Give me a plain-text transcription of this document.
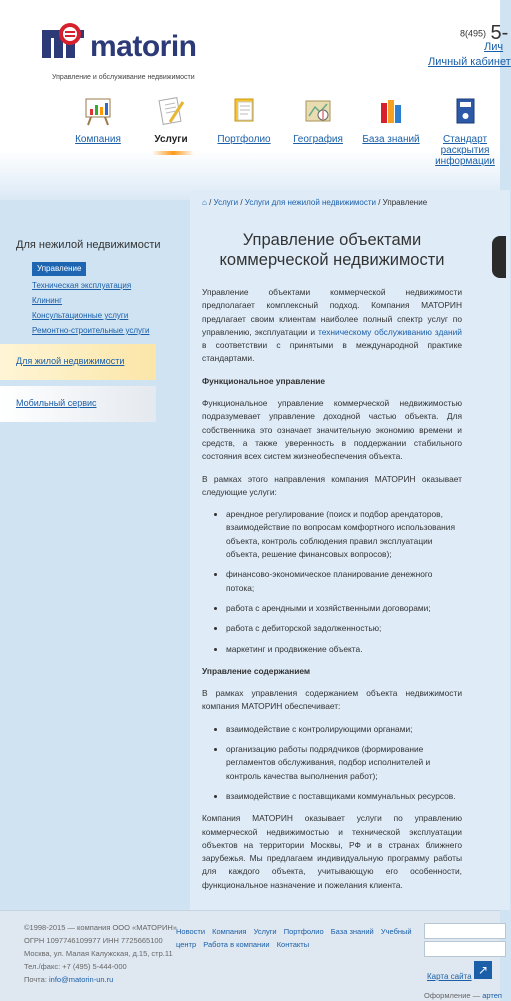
matorin
Управление и обслуживание недвижимости
8(495) 5-
Лич
Личный кабинет
Компания	Услуги	Портфолио	География	База знаний	Стандарт раскрытия информации
⌂ / Услуги / Услуги для нежилой недвижимости / Управление
Для нежилой недвижимости
Управление
Техническая эксплуатация
Клининг
Консультационные услуги
Ремонтно-строительные услуги
Для жилой недвижимости
Мобильный сервис
Управление объектами коммерческой недвижимости

Управление объектами коммерческой недвижимости предполагает комплексный подход. Компания МАТОРИН предлагает своим клиентам наиболее полный спектр услуг по управлению, эксплуатации и техническому обслуживанию зданий в соответствии с принятыми в международной практике стандартами.

Функциональное управление

Функциональное управление коммерческой недвижимостью подразумевает управление доходной частью объекта. Для собственника это означает значительную экономию времени и средств, а также уверенность в поддержании стабильного состояния всех систем жизнеобеспечения объекта.

В рамках этого направления компания МАТОРИН оказывает следующие услуги:

• арендное регулирование (поиск и подбор арендаторов, взаимодействие по вопросам комфортного использования объекта, контроль соблюдения правил эксплуатации объекта, решение финансовых вопросов);
• финансово-экономическое планирование денежного потока;
• работа с арендными и хозяйственными договорами;
• работа с дебиторской задолженностью;
• маркетинг и продвижение объекта.
Управление содержанием

В рамках управления содержанием объекта недвижимости компания МАТОРИН обеспечивает:

• взаимодействие с контролирующими органами;
• организацию работы подрядчиков (формирование регламентов обслуживания, подбор исполнителей и контроль качества выполнения работ);
• взаимодействие с поставщиками коммунальных ресурсов.

Компания МАТОРИН оказывает услуги по управлению коммерческой недвижимостью и технической эксплуатации объектов на территории Москвы, РФ и в странах ближнего зарубежья. Мы предлагаем индивидуальную программу работы для каждого объекта, учитывающую его особенности, функциональное назначение и пожелания клиента.

©1998-2015 — компания ООО «МАТОРИН»
ОГРН 1097746109977 ИНН 7725665100
Москва, ул. Малая Калужская, д.15, стр.11
Тел./факс: +7 (495) 5-444-000
Почта: info@matorin-un.ru
Новости Компания Услуги Портфолио База знаний Учебный центр Работа в компании Контакты
↗
Карта сайта
Оформление — артеп
